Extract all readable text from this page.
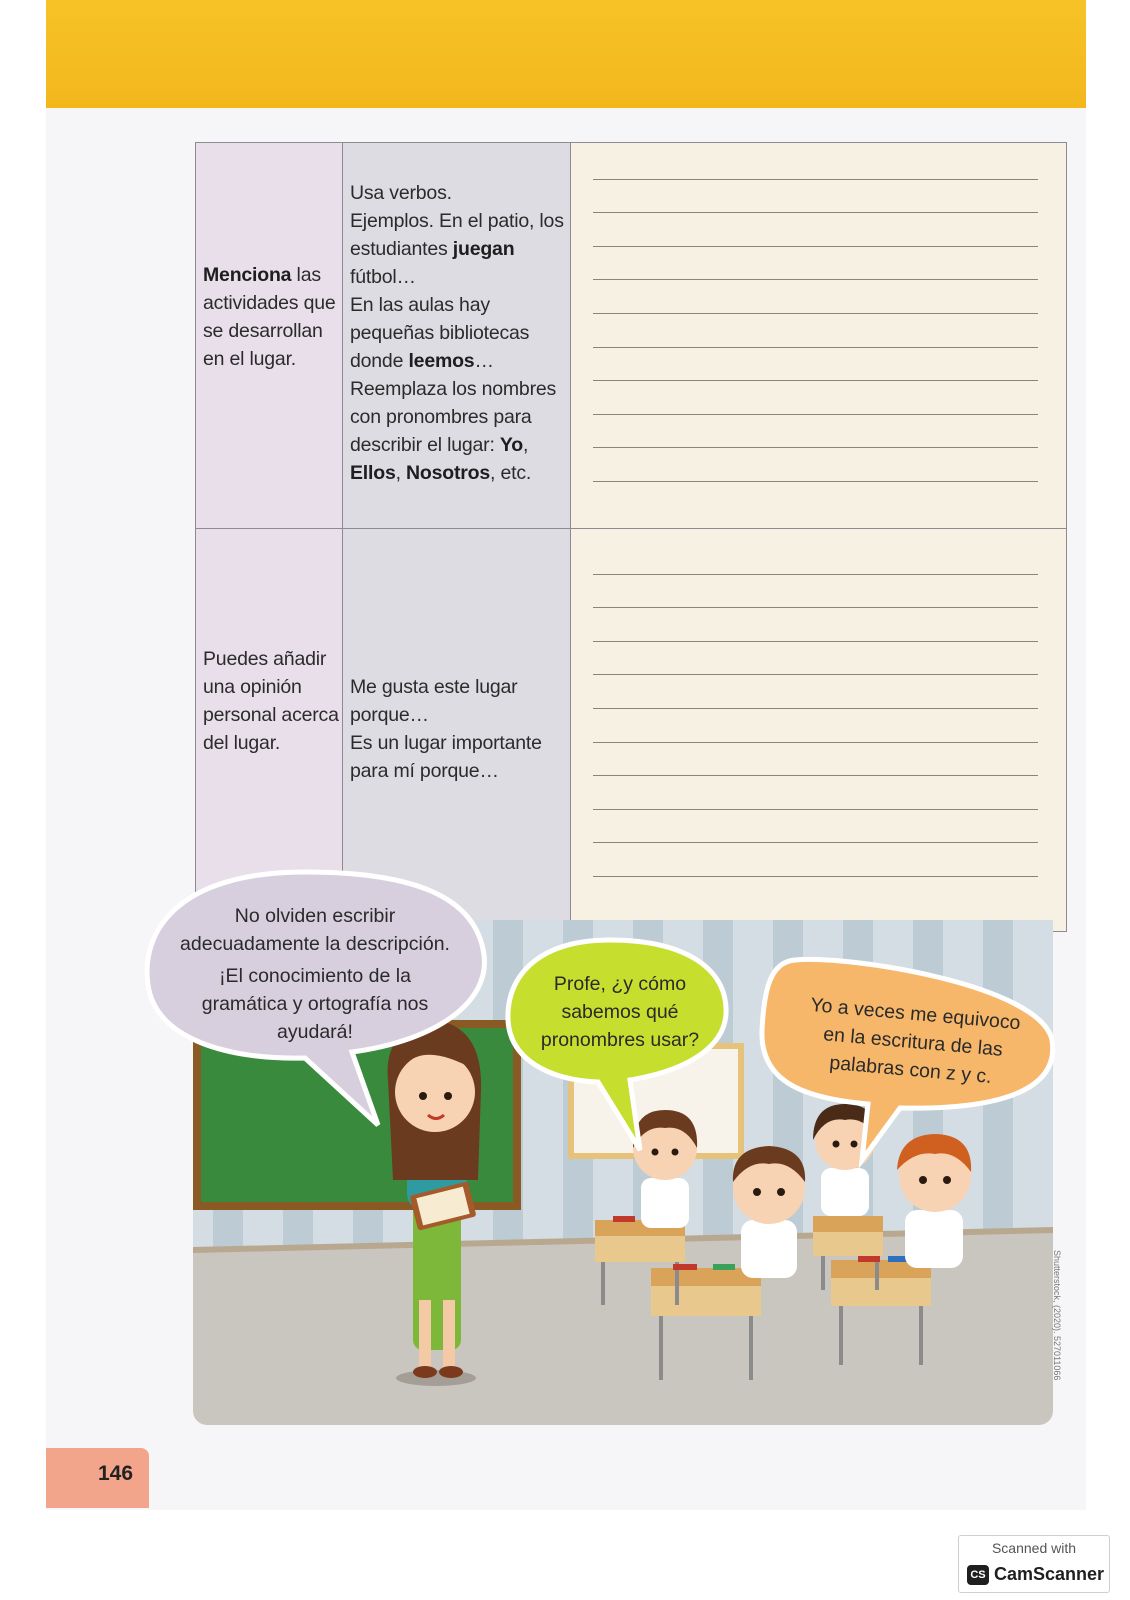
Menciona las actividades que se desarrollan en el lugar.
Usa verbos.
Ejemplos. En el patio, los estudiantes juegan fútbol…
En las aulas hay pequeñas bibliotecas donde leemos…
Reemplaza los nombres con pronombres para describir el lugar: Yo, Ellos, Nosotros, etc.
Puedes añadir una opinión personal acerca del lugar.
Me gusta este lugar porque…
Es un lugar importante para mí porque…
No olviden escribir
adecuadamente la descripción.
¡El conocimiento de la
gramática y ortografía nos
ayudará!
Profe, ¿y cómo
sabemos qué
pronombres usar?
Yo a veces me equivoco
en la escritura de las
palabras con z y c.
Shutterstock, (2020). 527011066
146
Scanned with
CS CamScanner
